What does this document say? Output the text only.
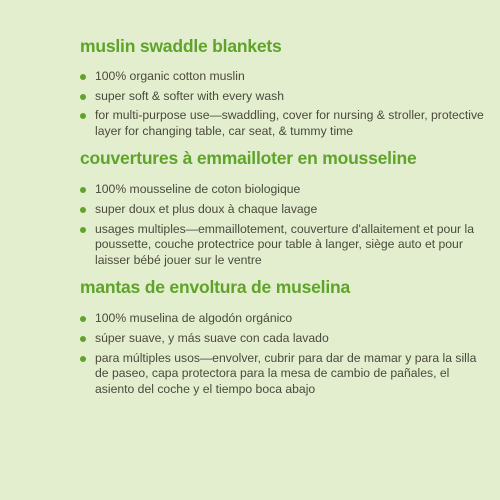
muslin swaddle blankets
100% organic cotton muslin
super soft & softer with every wash
for multi-purpose use—swaddling, cover for nursing & stroller, protective layer for changing table, car seat, & tummy time
couvertures à emmailloter en mousseline
100% mousseline de coton biologique
super doux et plus doux à chaque lavage
usages multiples—emmaillotement, couverture d'allaitement et pour la poussette, couche protectrice pour table à langer, siège auto et pour laisser bébé jouer sur le ventre
mantas de envoltura de muselina
100% muselina de algodón orgánico
súper suave, y más suave con cada lavado
para múltiples usos—envolver, cubrir para dar de mamar y para la silla de paseo, capa protectora para la mesa de cambio de pañales, el asiento del coche y el tiempo boca abajo
